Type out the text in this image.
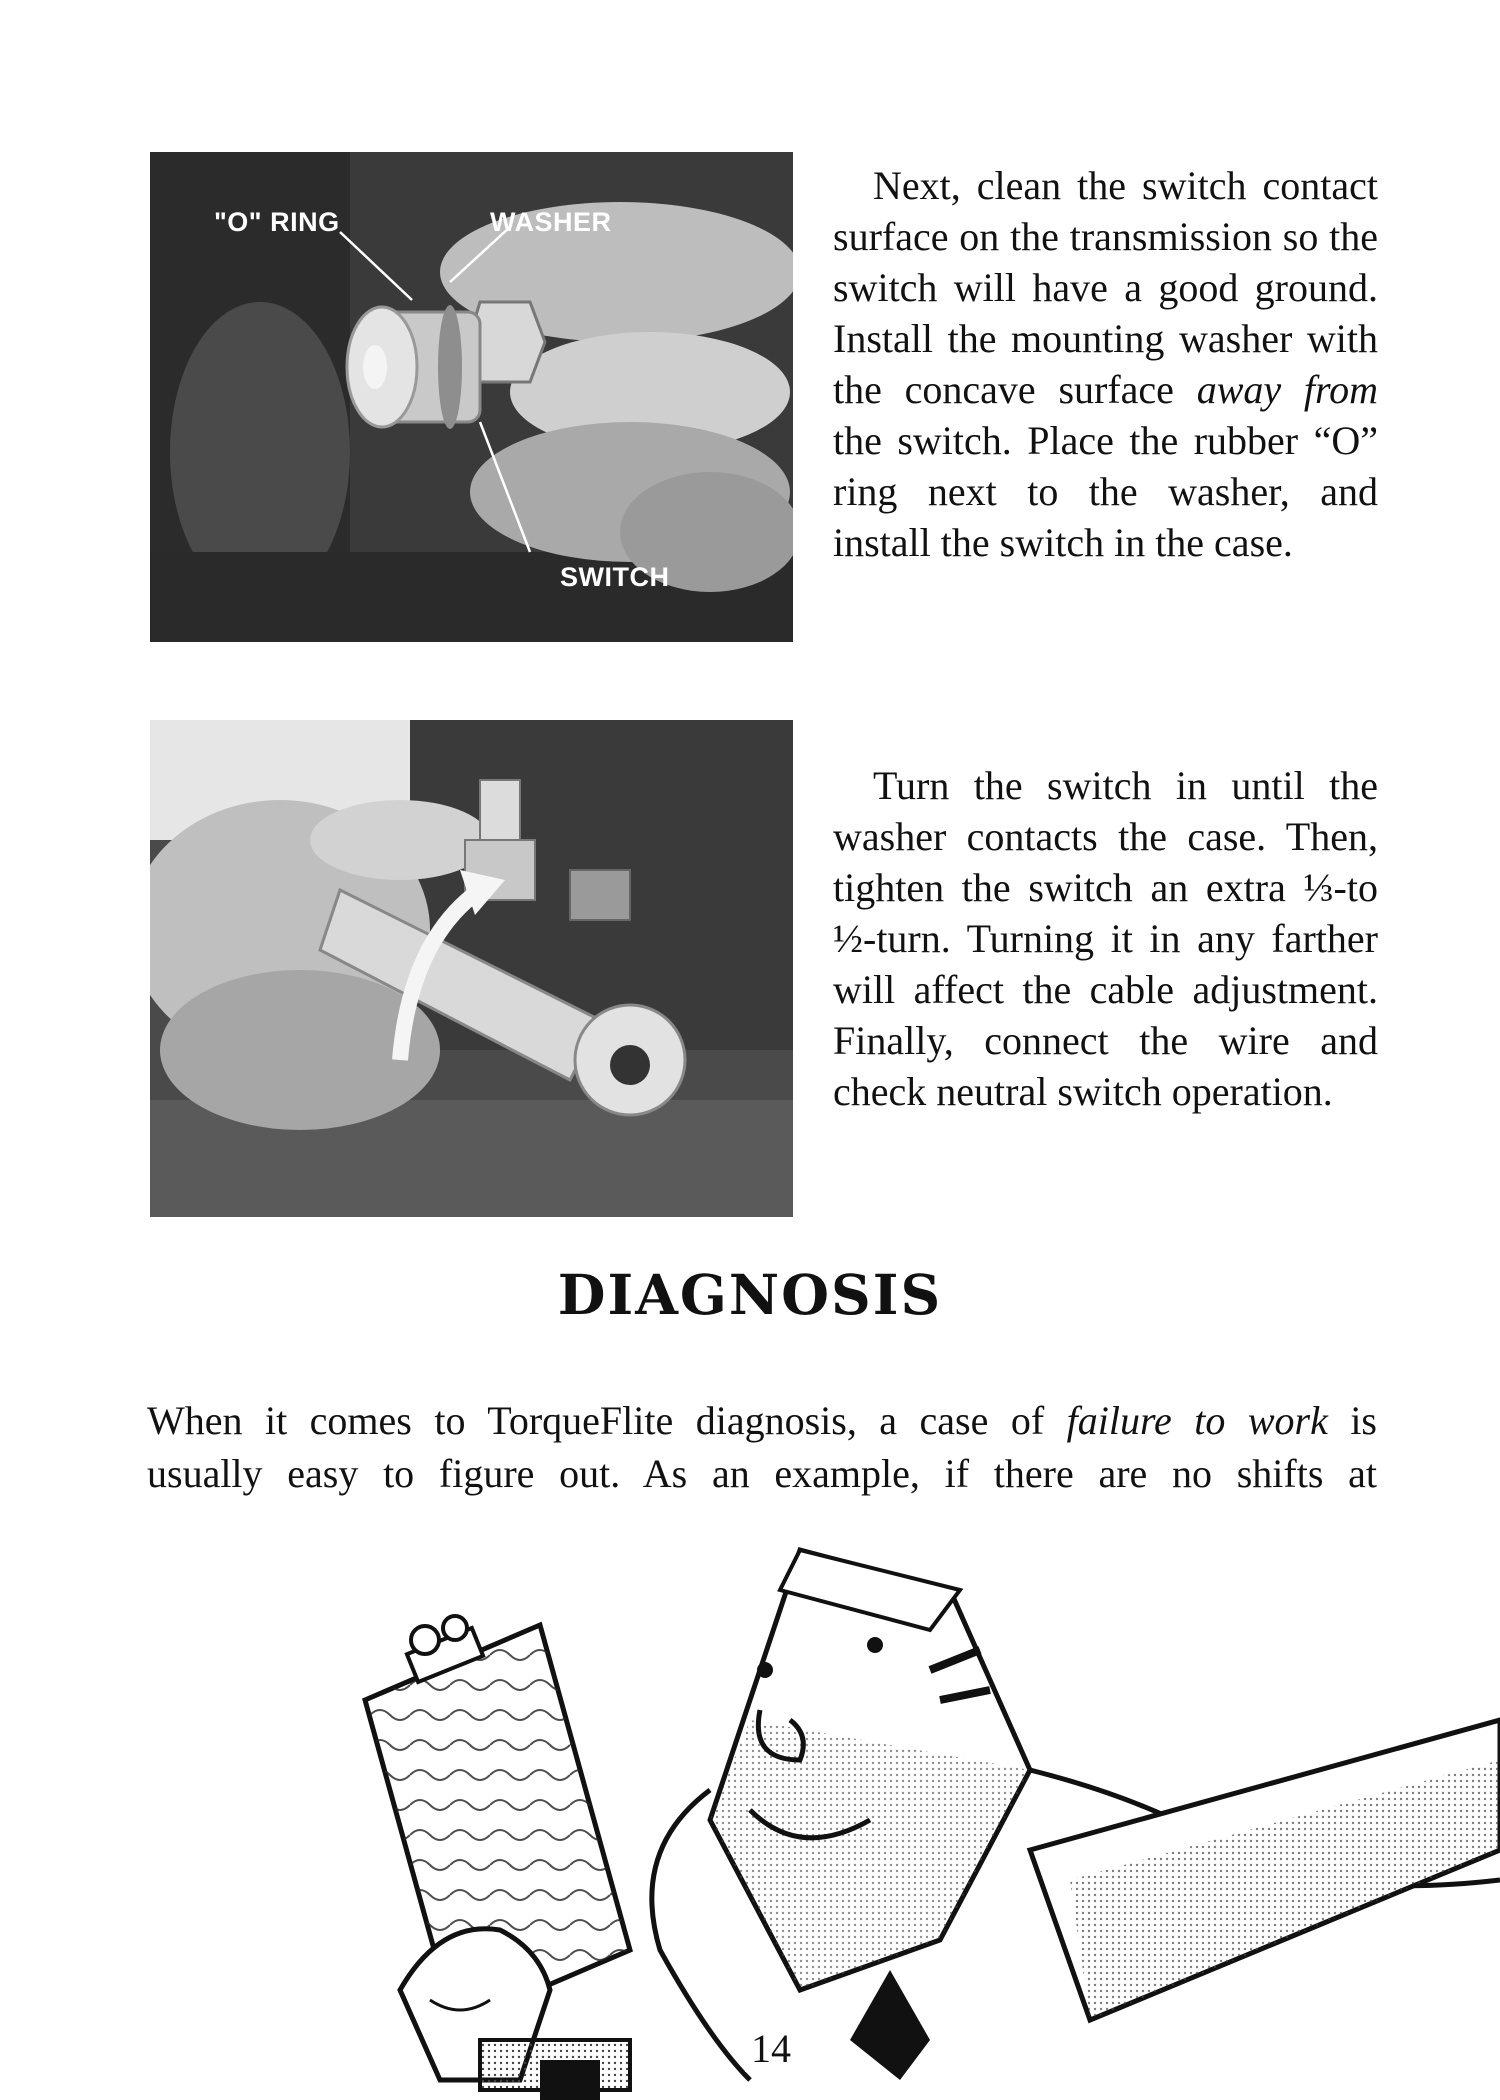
"O" RING	WASHER
SWITCH

Next, clean the switch contact surface on the transmission so the switch will have a good ground. Install the mounting washer with the concave surface away from the switch. Place the rubber “O” ring next to the washer, and install the switch in the case.

Turn the switch in until the washer contacts the case. Then, tighten the switch an extra ⅓-to ½-turn. Turning it in any farther will affect the cable adjustment. Finally, connect the wire and check neutral switch operation.

DIAGNOSIS

When it comes to TorqueFlite diagnosis, a case of failure to work is
usually easy to figure out. As an example, if there are no shifts at

14
